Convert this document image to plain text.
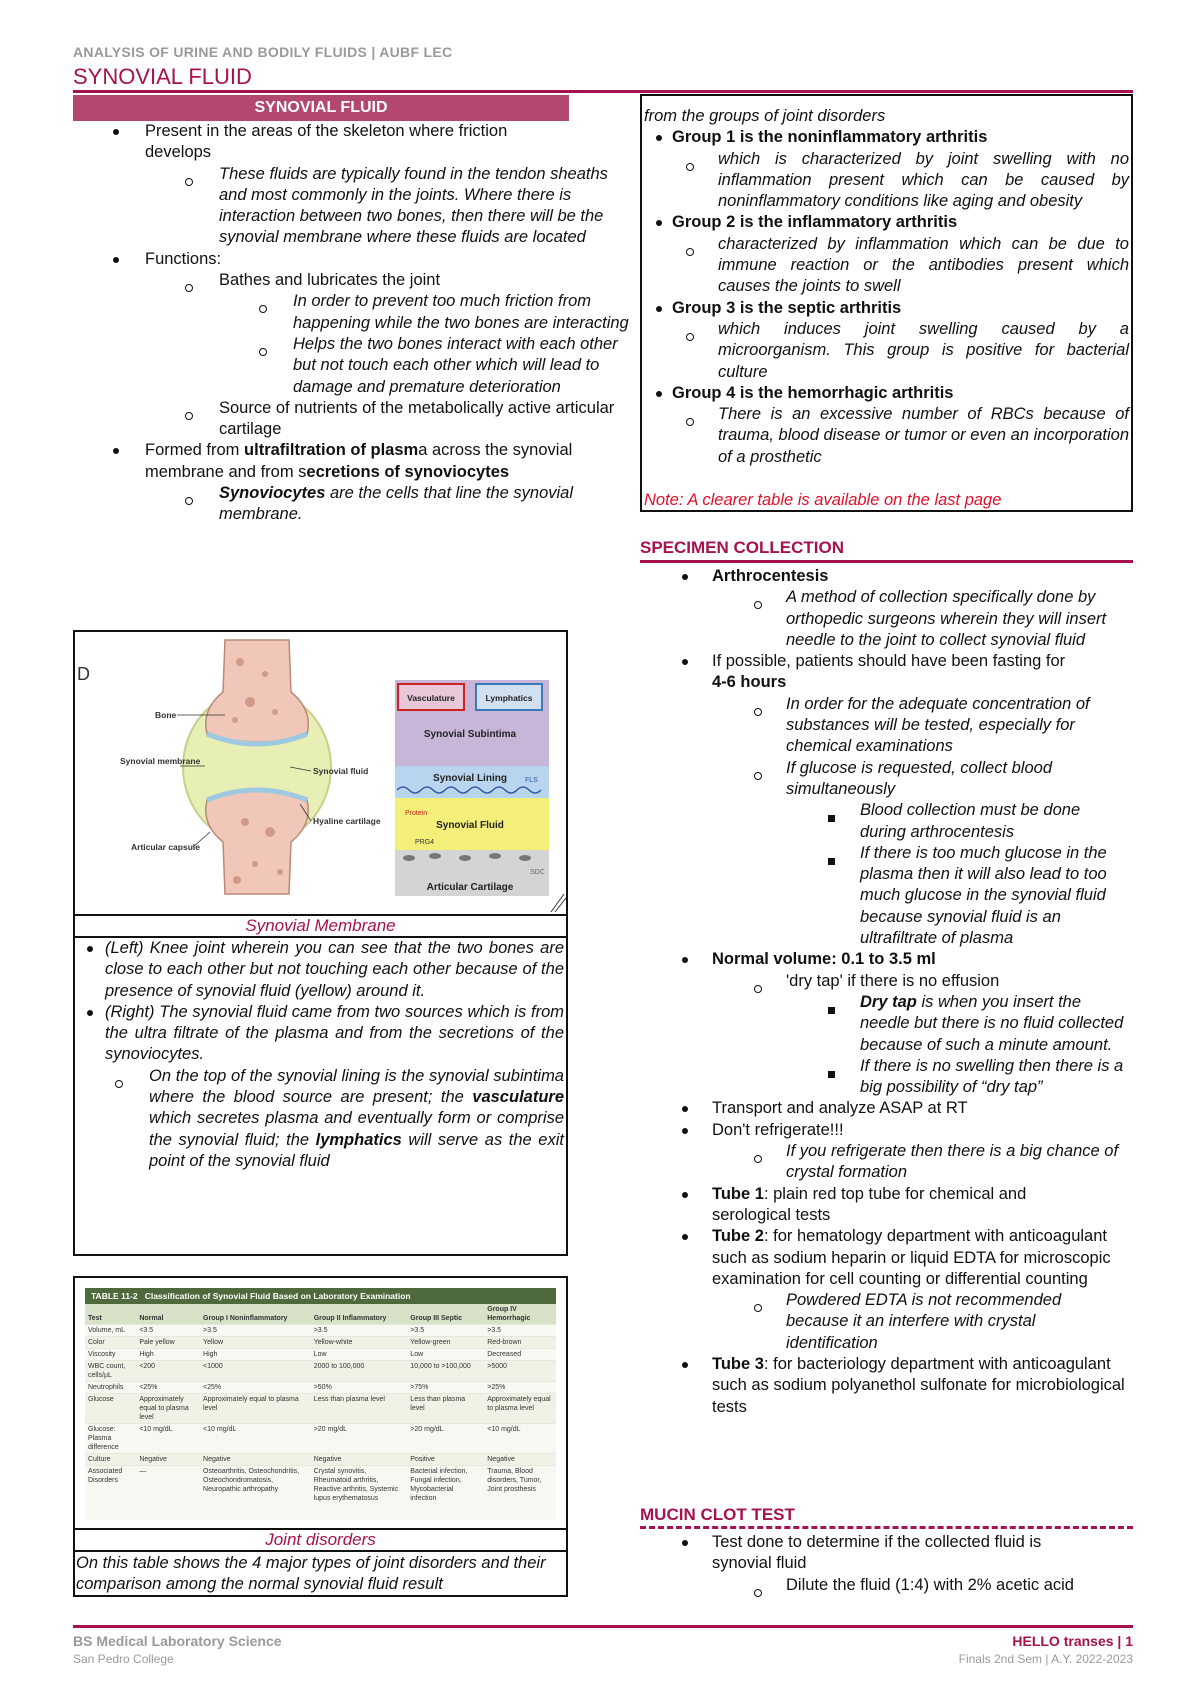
ANALYSIS OF URINE AND BODILY FLUIDS | AUBF LEC
SYNOVIAL FLUID
SYNOVIAL FLUID
Present in the areas of the skeleton where friction
develops
These fluids are typically found in the tendon sheaths and most commonly in the joints. Where there is interaction between two bones, then there will be the synovial membrane where these fluids are located
Functions:
Bathes and lubricates the joint
In order to prevent too much friction from happening while the two bones are interacting
Helps the two bones interact with each other but not touch each other which will lead to damage and premature deterioration
Source of nutrients of the metabolically active articular cartilage
Formed from ultrafiltration of plasma across the synovial membrane and from secretions of synoviocytes
Synoviocytes are the cells that line the synovial membrane.
D
Bone
Synovial membrane
Synovial fluid
Hyaline cartilage
Articular capsule
Vasculature	Lymphatics
Synovial Subintima
Synovial Lining	FLS
Protein
Synovial Fluid
PRG4
SDC
Articular Cartilage
Synovial Membrane
(Left) Knee joint wherein you can see that the two bones are close to each other but not touching each other because of the presence of synovial fluid (yellow) around it.
(Right) The synovial fluid came from two sources which is from the ultra filtrate of the plasma and from the secretions of the synoviocytes.
On the top of the synovial lining is the synovial subintima where the blood source are present; the vasculature which secretes plasma and eventually form or comprise the synovial fluid; the lymphatics will serve as the exit point of the synovial fluid
TABLE 11-2 Classification of Synovial Fluid Based on Laboratory Examination
Test	Normal	Group I Noninflammatory	Group II Inflammatory	Group III Septic	Group IV Hemorrhagic
Volume, mL	<3.5	>3.5	>3.5	>3.5	>3.5
Color	Pale yellow	Yellow	Yellow-white	Yellow-green	Red-brown
Viscosity	High	High	Low	Low	Decreased
WBC count, cells/µL	<200	<1000	2000 to 100,000	10,000 to >100,000	>5000
Neutrophils	<25%	<25%	>50%	>75%	>25%
Glucose	Approximately equal to plasma level	Approximately equal to plasma level	Less than plasma level	Less than plasma level	Approximately equal to plasma level
Glucose: Plasma difference	<10 mg/dL	<10 mg/dL	>20 mg/dL	>20 mg/dL	<10 mg/dL
Culture	Negative	Negative	Negative	Positive	Negative
Associated Disorders	—	Osteoarthritis, Osteochondritis, Osteochondromatosis, Neuropathic arthropathy	Crystal synovitis, Rheumatoid arthritis, Reactive arthritis, Systemic lupus erythematosus	Bacterial infection, Fungal infection, Mycobacterial infection	Trauma, Blood disorders, Tumor, Joint prosthesis
Joint disorders
On this table shows the 4 major types of joint disorders and their comparison among the normal synovial fluid result
from the groups of joint disorders
Group 1 is the noninflammatory arthritis
which is characterized by joint swelling with no inflammation present which can be caused by noninflammatory conditions like aging and obesity
Group 2 is the inflammatory arthritis
characterized by inflammation which can be due to immune reaction or the antibodies present which causes the joints to swell
Group 3 is the septic arthritis
which induces joint swelling caused by a microorganism. This group is positive for bacterial culture
Group 4 is the hemorrhagic arthritis
There is an excessive number of RBCs because of trauma, blood disease or tumor or even an incorporation of a prosthetic
Note: A clearer table is available on the last page
SPECIMEN COLLECTION
Arthrocentesis
A method of collection specifically done by orthopedic surgeons wherein they will insert needle to the joint to collect synovial fluid
If possible, patients should have been fasting for
4-6 hours
In order for the adequate concentration of substances will be tested, especially for chemical examinations
If glucose is requested, collect blood simultaneously
Blood collection must be done during arthrocentesis
If there is too much glucose in the plasma then it will also lead to too much glucose in the synovial fluid because synovial fluid is an ultrafiltrate of plasma
Normal volume: 0.1 to 3.5 ml
'dry tap' if there is no effusion
Dry tap is when you insert the needle but there is no fluid collected because of such a minute amount.
If there is no swelling then there is a big possibility of “dry tap”
Transport and analyze ASAP at RT
Don't refrigerate!!!
If you refrigerate then there is a big chance of crystal formation
Tube 1: plain red top tube for chemical and serological tests
Tube 2: for hematology department with anticoagulant such as sodium heparin or liquid EDTA for microscopic examination for cell counting or differential counting
Powdered EDTA is not recommended because it an interfere with crystal identification
Tube 3: for bacteriology department with anticoagulant such as sodium polyanethol sulfonate for microbiological tests
MUCIN CLOT TEST
Test done to determine if the collected fluid is synovial fluid
Dilute the fluid (1:4) with 2% acetic acid
BS Medical Laboratory Science
San Pedro College
HELLO transes | 1
Finals 2nd Sem | A.Y. 2022-2023
